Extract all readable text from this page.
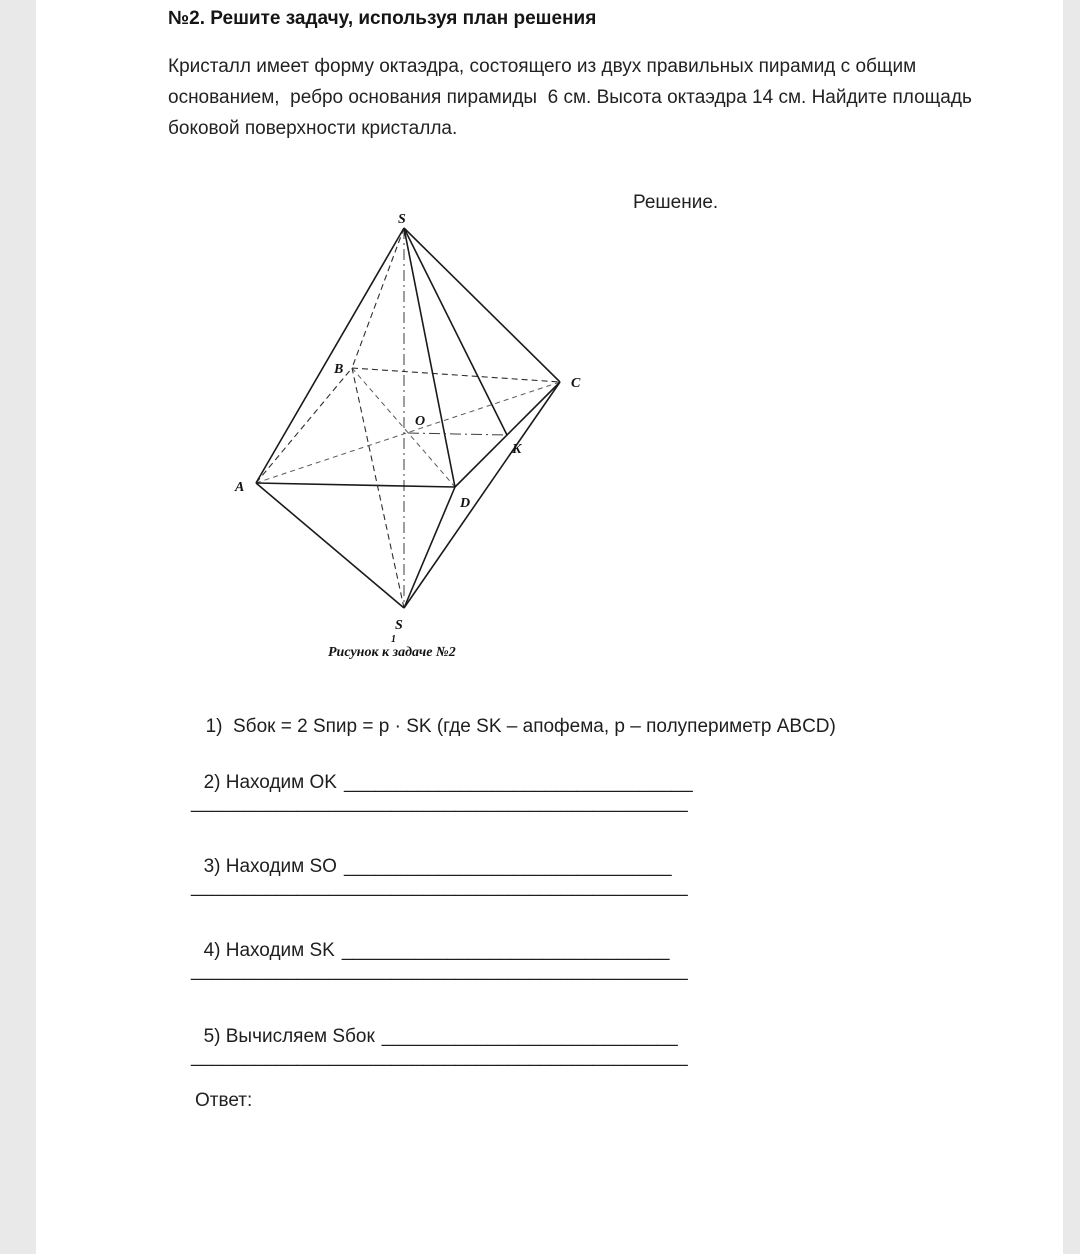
№2. Решите задачу, используя план решения

Кристалл имеет форму октаэдра, состоящего из двух правильных пирамид с общим основанием,  ребро основания пирамиды  6 см. Высота октаэдра 14 см. Найдите площадь боковой поверхности кристалла.

Решение.
S
B
C
O
K
A
D
S
1
Рисунок к задаче №2

1)  Sбок = 2 Sпир = p · SK (где SK – апофема, p – полупериметр ABCD)

2) Находим OK _________________________________

_______________________________________________

3) Находим SO _______________________________

_______________________________________________

4) Находим SK _______________________________

_______________________________________________

5) Вычисляем Sбок ____________________________

_______________________________________________
Ответ:
